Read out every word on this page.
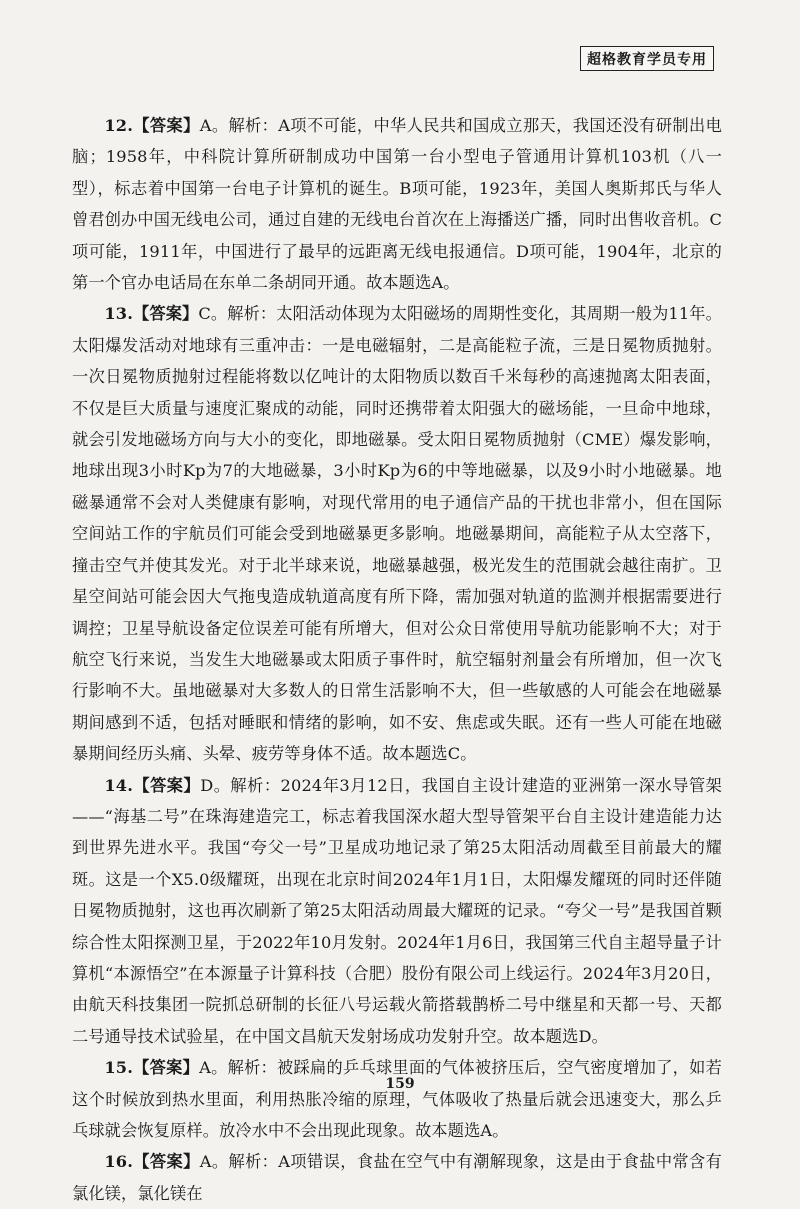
超格教育学员专用

12.【答案】A。解析：A项不可能，中华人民共和国成立那天，我国还没有研制出电脑；1958年，中科院计算所研制成功中国第一台小型电子管通用计算机103机（八一型），标志着中国第一台电子计算机的诞生。B项可能，1923年，美国人奥斯邦氏与华人曾君创办中国无线电公司，通过自建的无线电台首次在上海播送广播，同时出售收音机。C项可能，1911年，中国进行了最早的远距离无线电报通信。D项可能，1904年，北京的第一个官办电话局在东单二条胡同开通。故本题选A。

13.【答案】C。解析：太阳活动体现为太阳磁场的周期性变化，其周期一般为11年。太阳爆发活动对地球有三重冲击：一是电磁辐射，二是高能粒子流，三是日冕物质抛射。一次日冕物质抛射过程能将数以亿吨计的太阳物质以数百千米每秒的高速抛离太阳表面，不仅是巨大质量与速度汇聚成的动能，同时还携带着太阳强大的磁场能，一旦命中地球，就会引发地磁场方向与大小的变化，即地磁暴。受太阳日冕物质抛射（CME）爆发影响，地球出现3小时Kp为7的大地磁暴，3小时Kp为6的中等地磁暴，以及9小时小地磁暴。地磁暴通常不会对人类健康有影响，对现代常用的电子通信产品的干扰也非常小，但在国际空间站工作的宇航员们可能会受到地磁暴更多影响。地磁暴期间，高能粒子从太空落下，撞击空气并使其发光。对于北半球来说，地磁暴越强，极光发生的范围就会越往南扩。卫星空间站可能会因大气拖曳造成轨道高度有所下降，需加强对轨道的监测并根据需要进行调控；卫星导航设备定位误差可能有所增大，但对公众日常使用导航功能影响不大；对于航空飞行来说，当发生大地磁暴或太阳质子事件时，航空辐射剂量会有所增加，但一次飞行影响不大。虽地磁暴对大多数人的日常生活影响不大，但一些敏感的人可能会在地磁暴期间感到不适，包括对睡眠和情绪的影响，如不安、焦虑或失眠。还有一些人可能在地磁暴期间经历头痛、头晕、疲劳等身体不适。故本题选C。

14.【答案】D。解析：2024年3月12日，我国自主设计建造的亚洲第一深水导管架——“海基二号”在珠海建造完工，标志着我国深水超大型导管架平台自主设计建造能力达到世界先进水平。我国“夸父一号”卫星成功地记录了第25太阳活动周截至目前最大的耀斑。这是一个X5.0级耀斑，出现在北京时间2024年1月1日，太阳爆发耀斑的同时还伴随日冕物质抛射，这也再次刷新了第25太阳活动周最大耀斑的记录。“夸父一号”是我国首颗综合性太阳探测卫星，于2022年10月发射。2024年1月6日，我国第三代自主超导量子计算机“本源悟空”在本源量子计算科技（合肥）股份有限公司上线运行。2024年3月20日，由航天科技集团一院抓总研制的长征八号运载火箭搭载鹊桥二号中继星和天都一号、天都二号通导技术试验星，在中国文昌航天发射场成功发射升空。故本题选D。

15.【答案】A。解析：被踩扁的乒乓球里面的气体被挤压后，空气密度增加了，如若这个时候放到热水里面，利用热胀冷缩的原理，气体吸收了热量后就会迅速变大，那么乒乓球就会恢复原样。放冷水中不会出现此现象。故本题选A。

16.【答案】A。解析：A项错误，食盐在空气中有潮解现象，这是由于食盐中常含有氯化镁，氯化镁在

159
